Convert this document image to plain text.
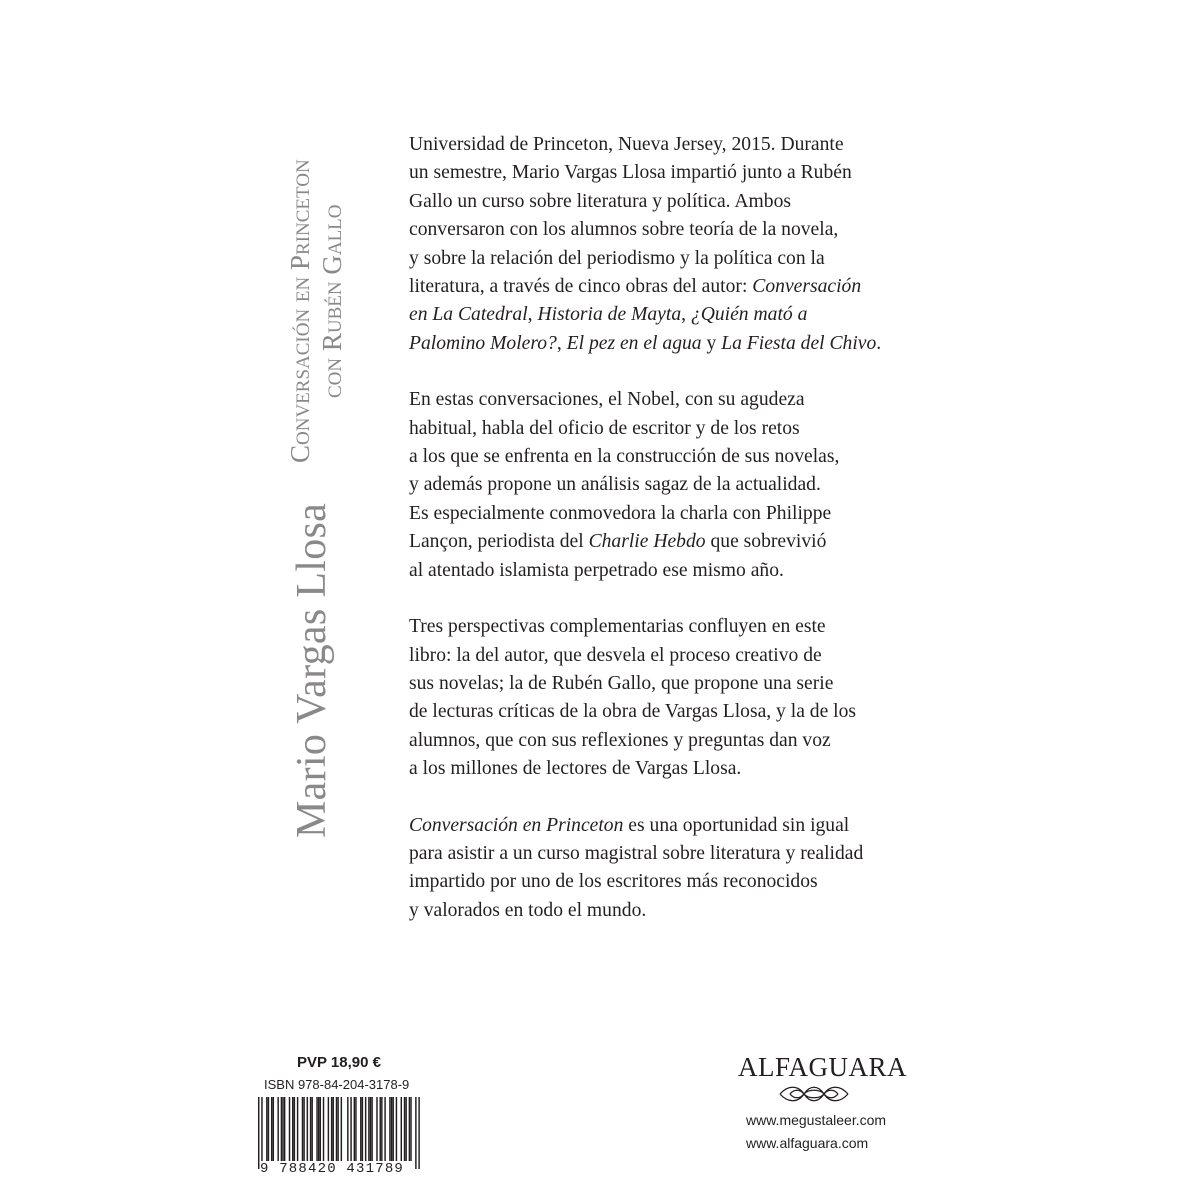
Mario Vargas Llosa
Conversación en Princeton con Rubén Gallo

Universidad de Princeton, Nueva Jersey, 2015. Durante
un semestre, Mario Vargas Llosa impartió junto a Rubén
Gallo un curso sobre literatura y política. Ambos
conversaron con los alumnos sobre teoría de la novela,
y sobre la relación del periodismo y la política con la
literatura, a través de cinco obras del autor: Conversación
en La Catedral, Historia de Mayta, ¿Quién mató a
Palomino Molero?, El pez en el agua y La Fiesta del Chivo.

En estas conversaciones, el Nobel, con su agudeza
habitual, habla del oficio de escritor y de los retos
a los que se enfrenta en la construcción de sus novelas,
y además propone un análisis sagaz de la actualidad.
Es especialmente conmovedora la charla con Philippe
Lançon, periodista del Charlie Hebdo que sobrevivió
al atentado islamista perpetrado ese mismo año.

Tres perspectivas complementarias confluyen en este
libro: la del autor, que desvela el proceso creativo de
sus novelas; la de Rubén Gallo, que propone una serie
de lecturas críticas de la obra de Vargas Llosa, y la de los
alumnos, que con sus reflexiones y preguntas dan voz
a los millones de lectores de Vargas Llosa.

Conversación en Princeton es una oportunidad sin igual
para asistir a un curso magistral sobre literatura y realidad
impartido por uno de los escritores más reconocidos
y valorados en todo el mundo.

PVP 18,90 €
ISBN 978-84-204-3178-9
9 788420 431789
ALFAGUARA
www.megustaleer.com
www.alfaguara.com
